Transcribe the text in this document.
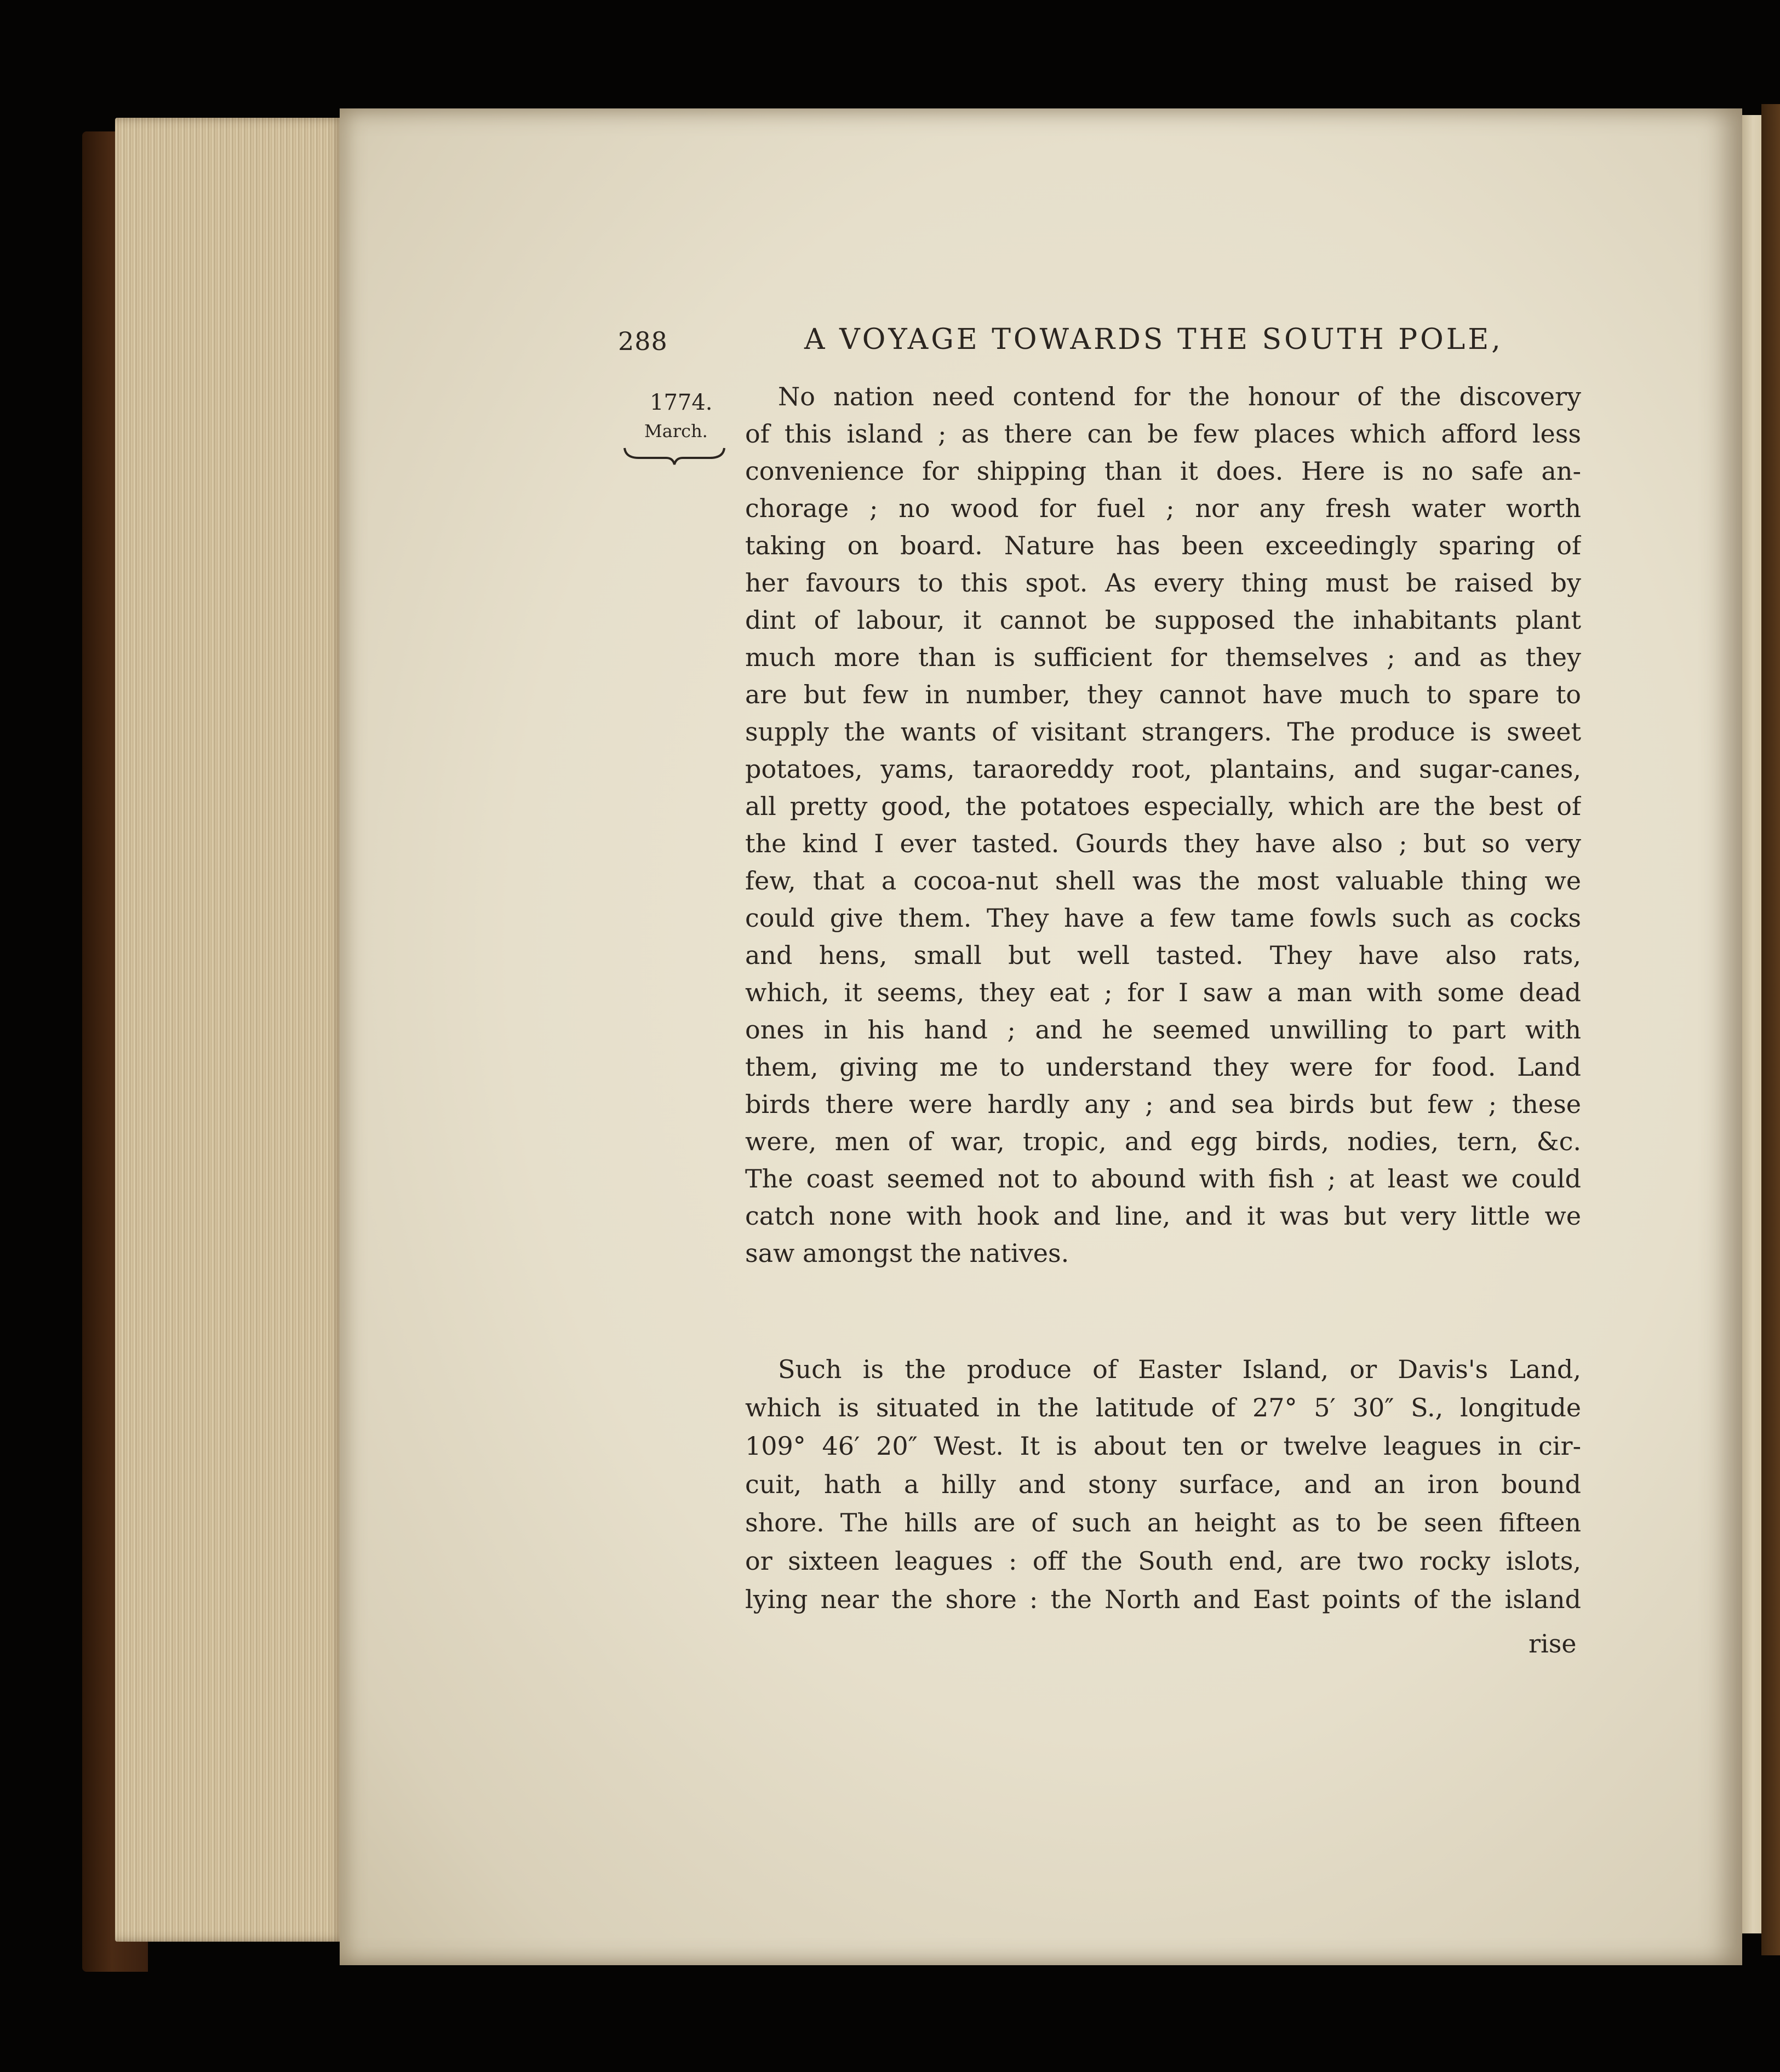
288	A VOYAGE TOWARDS THE SOUTH POLE,
1774.
March.
No nation need contend for the honour of the discovery
of this island ; as there can be few places which afford less
convenience for shipping than it does. Here is no safe an-
chorage ; no wood for fuel ; nor any fresh water worth
taking on board. Nature has been exceedingly sparing of
her favours to this spot. As every thing must be raised by
dint of labour, it cannot be supposed the inhabitants plant
much more than is sufficient for themselves ; and as they
are but few in number, they cannot have much to spare to
supply the wants of visitant strangers. The produce is sweet
potatoes, yams, taraoreddy root, plantains, and sugar-canes,
all pretty good, the potatoes especially, which are the best of
the kind I ever tasted. Gourds they have also ; but so very
few, that a cocoa-nut shell was the most valuable thing we
could give them. They have a few tame fowls such as cocks
and hens, small but well tasted. They have also rats,
which, it seems, they eat ; for I saw a man with some dead
ones in his hand ; and he seemed unwilling to part with
them, giving me to understand they were for food. Land
birds there were hardly any ; and sea birds but few ; these
were, men of war, tropic, and egg birds, nodies, tern, &c.
The coast seemed not to abound with fish ; at least we could
catch none with hook and line, and it was but very little we
saw amongst the natives.
Such is the produce of Easter Island, or Davis's Land,
which is situated in the latitude of 27° 5′ 30″ S., longitude
109° 46′ 20″ West. It is about ten or twelve leagues in cir-
cuit, hath a hilly and stony surface, and an iron bound
shore. The hills are of such an height as to be seen fifteen
or sixteen leagues : off the South end, are two rocky islots,
lying near the shore : the North and East points of the island
rise
